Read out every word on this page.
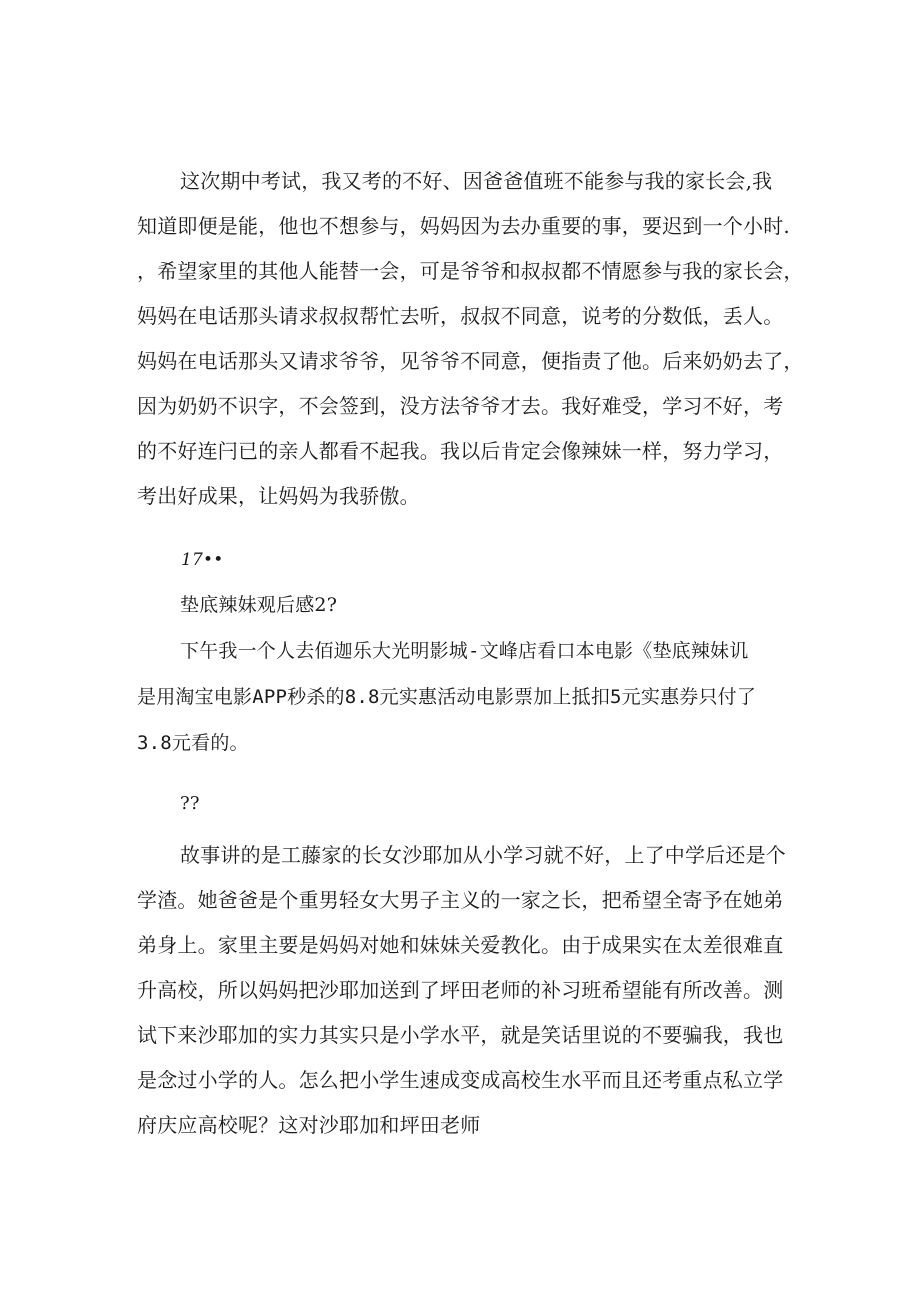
这次期中考试，我又考的不好、因爸爸值班不能参与我的家长会,我
知道即便是能，他也不想参与，妈妈因为去办重要的事，要迟到一个小时.
，希望家里的其他人能替一会，可是爷爷和叔叔都不情愿参与我的家长会，
妈妈在电话那头请求叔叔帮忙去听，叔叔不同意，说考的分数低，丢人。
妈妈在电话那头又请求爷爷，见爷爷不同意，便指责了他。后来奶奶去了，
因为奶奶不识字，不会签到，没方法爷爷才去。我好难受，学习不好，考
的不好连闩已的亲人都看不起我。我以后肯定会像辣妹一样，努力学习，
考出好成果，让妈妈为我骄傲。
17••
垫底辣妹观后感2?
下午我一个人去佰迦乐大光明影城-文峰店看口本电影《垫底辣妹讥
是用淘宝电影APP秒杀的8.8元实惠活动电影票加上抵扣5元实惠券只付了
3.8元看的。
??
故事讲的是工藤家的长女沙耶加从小学习就不好，上了中学后还是个
学渣。她爸爸是个重男轻女大男子主义的一家之长，把希望全寄予在她弟
弟身上。家里主要是妈妈对她和妹妹关爱教化。由于成果实在太差很难直
升高校，所以妈妈把沙耶加送到了坪田老师的补习班希望能有所改善。测
试下来沙耶加的实力其实只是小学水平，就是笑话里说的不要骗我，我也
是念过小学的人。怎么把小学生速成变成高校生水平而且还考重点私立学
府庆应高校呢？这对沙耶加和坪田老师
